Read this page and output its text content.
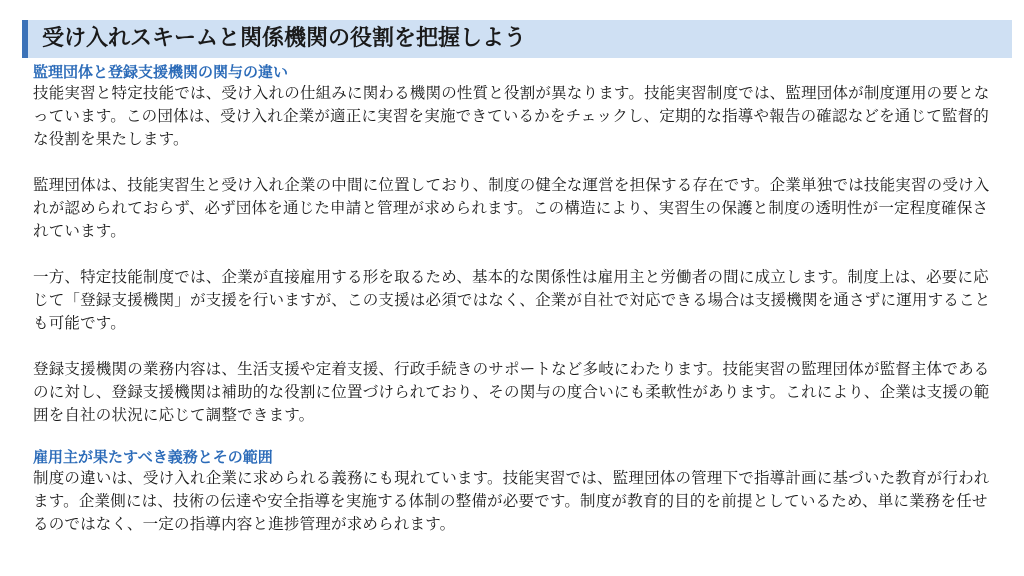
受け入れスキームと関係機関の役割を把握しよう
監理団体と登録支援機関の関与の違い

技能実習と特定技能では、受け入れの仕組みに関わる機関の性質と役割が異なります。技能実習制度では、監理団体が制度運用の要となっています。この団体は、受け入れ企業が適正に実習を実施できているかをチェックし、定期的な指導や報告の確認などを通じて監督的な役割を果たします。

監理団体は、技能実習生と受け入れ企業の中間に位置しており、制度の健全な運営を担保する存在です。企業単独では技能実習の受け入れが認められておらず、必ず団体を通じた申請と管理が求められます。この構造により、実習生の保護と制度の透明性が一定程度確保されています。

一方、特定技能制度では、企業が直接雇用する形を取るため、基本的な関係性は雇用主と労働者の間に成立します。制度上は、必要に応じて「登録支援機関」が支援を行いますが、この支援は必須ではなく、企業が自社で対応できる場合は支援機関を通さずに運用することも可能です。

登録支援機関の業務内容は、生活支援や定着支援、行政手続きのサポートなど多岐にわたります。技能実習の監理団体が監督主体であるのに対し、登録支援機関は補助的な役割に位置づけられており、その関与の度合いにも柔軟性があります。これにより、企業は支援の範囲を自社の状況に応じて調整できます。

雇用主が果たすべき義務とその範囲

制度の違いは、受け入れ企業に求められる義務にも現れています。技能実習では、監理団体の管理下で指導計画に基づいた教育が行われます。企業側には、技術の伝達や安全指導を実施する体制の整備が必要です。制度が教育的目的を前提としているため、単に業務を任せるのではなく、一定の指導内容と進捗管理が求められます。
